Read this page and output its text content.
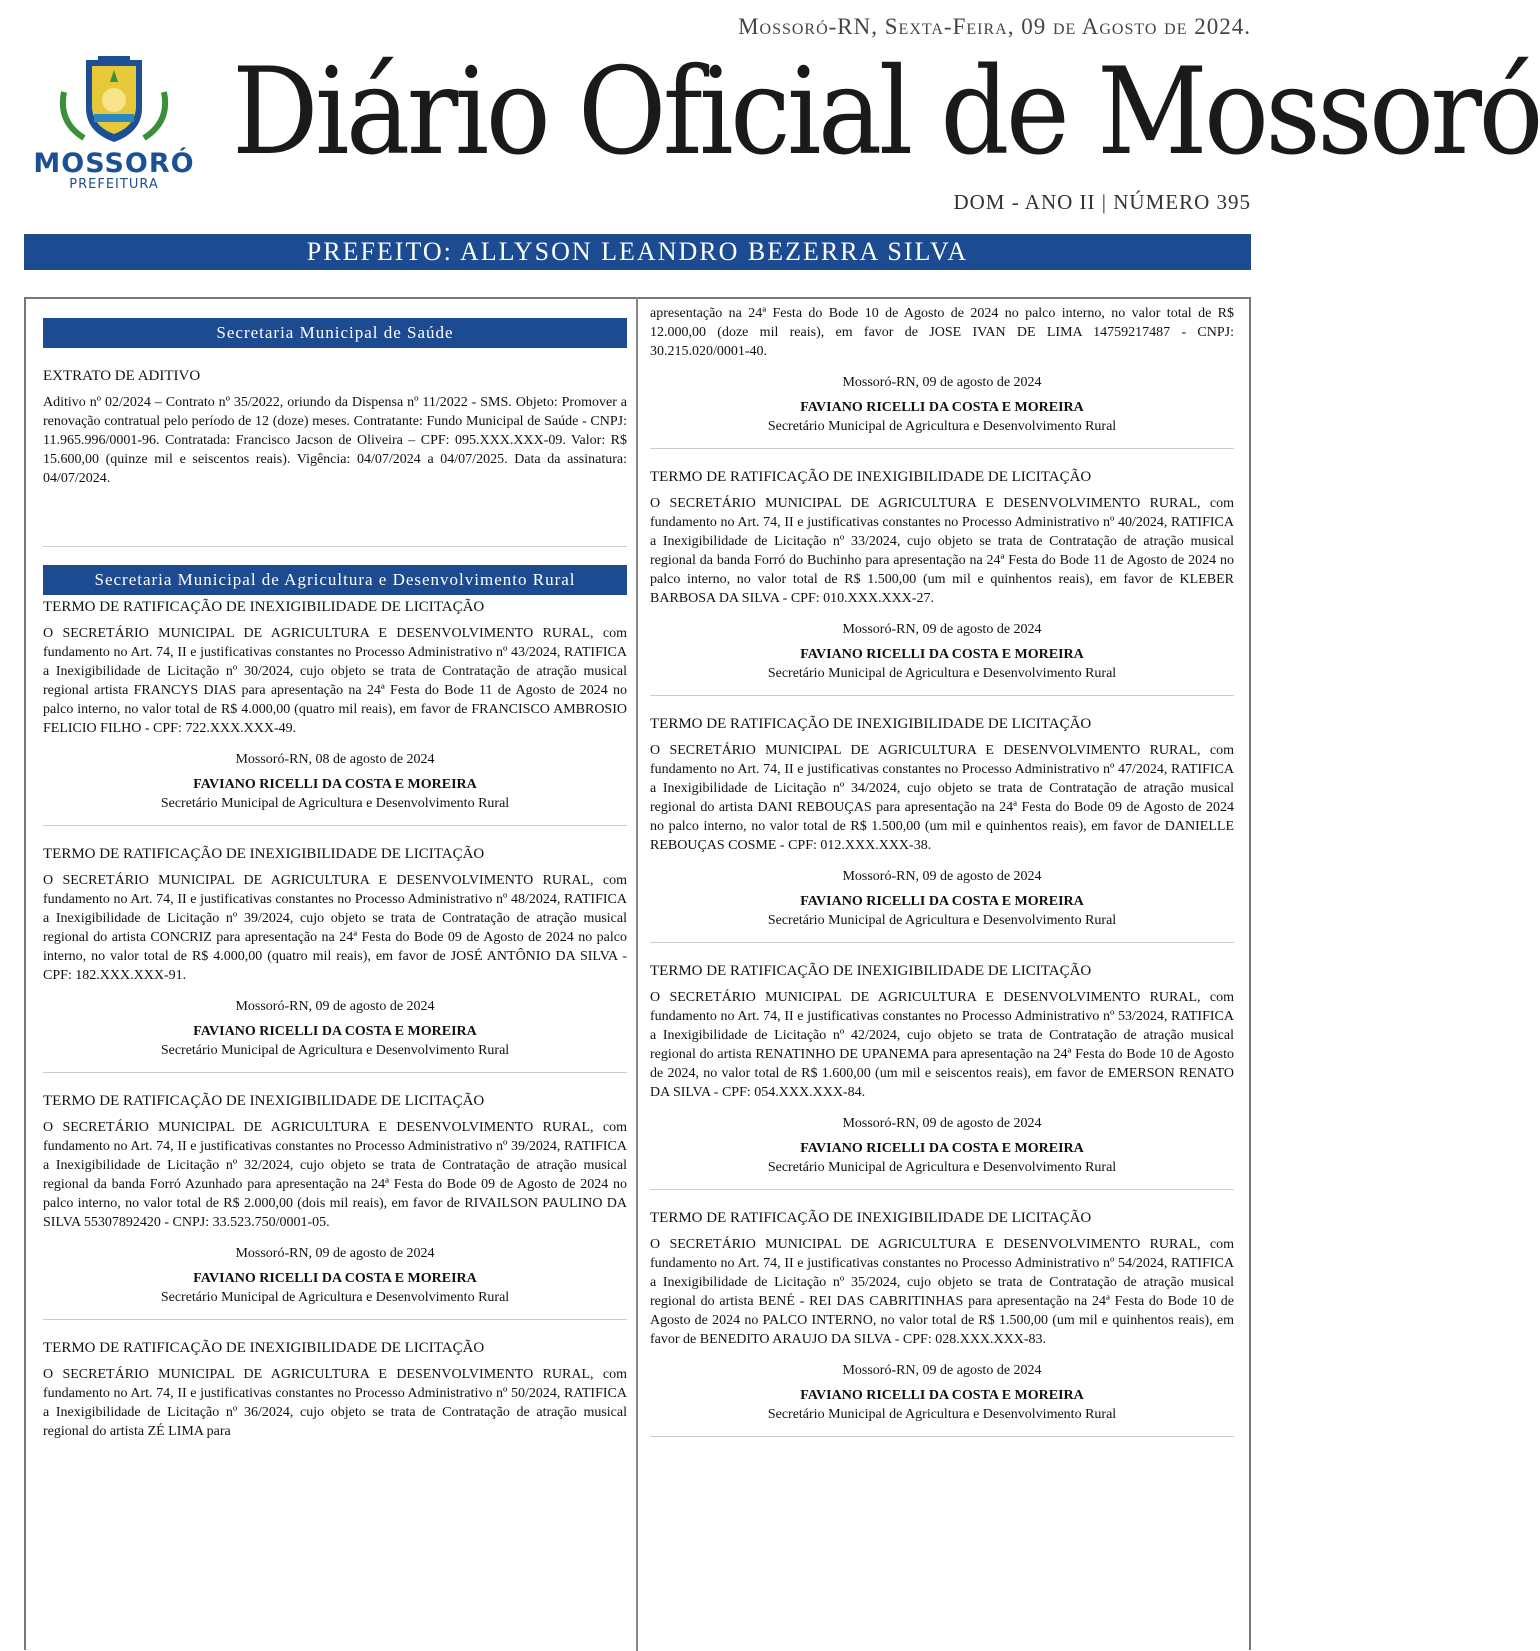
Mossoró-RN, Sexta-Feira, 09 de Agosto de 2024.
MOSSORÓ
PREFEITURA
Diário Oficial de Mossoró
DOM - ANO II | NÚMERO 395
PREFEITO: ALLYSON LEANDRO BEZERRA SILVA
Secretaria Municipal de Saúde

EXTRATO DE ADITIVO

Aditivo nº 02/2024 – Contrato nº 35/2022, oriundo da Dispensa nº 11/2022 - SMS. Objeto: Promover a renovação contratual pelo período de 12 (doze) meses. Contratante: Fundo Municipal de Saúde - CNPJ: 11.965.996/0001-96. Contratada: Francisco Jacson de Oliveira – CPF: 095.XXX.XXX-09. Valor: R$ 15.600,00 (quinze mil e seiscentos reais). Vigência: 04/07/2024 a 04/07/2025. Data da assinatura: 04/07/2024.

Secretaria Municipal de Agricultura e Desenvolvimento Rural

TERMO DE RATIFICAÇÃO DE INEXIGIBILIDADE DE LICITAÇÃO

O SECRETÁRIO MUNICIPAL DE AGRICULTURA E DESENVOLVIMENTO RURAL, com fundamento no Art. 74, II e justificativas constantes no Processo Administrativo nº 43/2024, RATIFICA a Inexigibilidade de Licitação nº 30/2024, cujo objeto se trata de Contratação de atração musical regional artista FRANCYS DIAS para apresentação na 24ª Festa do Bode 11 de Agosto de 2024 no palco interno, no valor total de R$ 4.000,00 (quatro mil reais), em favor de FRANCISCO AMBROSIO FELICIO FILHO - CPF: 722.XXX.XXX-49.

Mossoró-RN, 08 de agosto de 2024

FAVIANO RICELLI DA COSTA E MOREIRA

Secretário Municipal de Agricultura e Desenvolvimento Rural

TERMO DE RATIFICAÇÃO DE INEXIGIBILIDADE DE LICITAÇÃO

O SECRETÁRIO MUNICIPAL DE AGRICULTURA E DESENVOLVIMENTO RURAL, com fundamento no Art. 74, II e justificativas constantes no Processo Administrativo nº 48/2024, RATIFICA a Inexigibilidade de Licitação nº 39/2024, cujo objeto se trata de Contratação de atração musical regional do artista CONCRIZ para apresentação na 24ª Festa do Bode 09 de Agosto de 2024 no palco interno, no valor total de R$ 4.000,00 (quatro mil reais), em favor de JOSÉ ANTÔNIO DA SILVA - CPF: 182.XXX.XXX-91.

Mossoró-RN, 09 de agosto de 2024

FAVIANO RICELLI DA COSTA E MOREIRA

Secretário Municipal de Agricultura e Desenvolvimento Rural

TERMO DE RATIFICAÇÃO DE INEXIGIBILIDADE DE LICITAÇÃO

O SECRETÁRIO MUNICIPAL DE AGRICULTURA E DESENVOLVIMENTO RURAL, com fundamento no Art. 74, II e justificativas constantes no Processo Administrativo nº 39/2024, RATIFICA a Inexigibilidade de Licitação nº 32/2024, cujo objeto se trata de Contratação de atração musical regional da banda Forró Azunhado para apresentação na 24ª Festa do Bode 09 de Agosto de 2024 no palco interno, no valor total de R$ 2.000,00 (dois mil reais), em favor de RIVAILSON PAULINO DA SILVA 55307892420 - CNPJ: 33.523.750/0001-05.

Mossoró-RN, 09 de agosto de 2024

FAVIANO RICELLI DA COSTA E MOREIRA

Secretário Municipal de Agricultura e Desenvolvimento Rural

TERMO DE RATIFICAÇÃO DE INEXIGIBILIDADE DE LICITAÇÃO

O SECRETÁRIO MUNICIPAL DE AGRICULTURA E DESENVOLVIMENTO RURAL, com fundamento no Art. 74, II e justificativas constantes no Processo Administrativo nº 50/2024, RATIFICA a Inexigibilidade de Licitação nº 36/2024, cujo objeto se trata de Contratação de atração musical regional do artista ZÉ LIMA para

apresentação na 24ª Festa do Bode 10 de Agosto de 2024 no palco interno, no valor total de R$ 12.000,00 (doze mil reais), em favor de JOSE IVAN DE LIMA 14759217487 - CNPJ: 30.215.020/0001-40.

Mossoró-RN, 09 de agosto de 2024

FAVIANO RICELLI DA COSTA E MOREIRA

Secretário Municipal de Agricultura e Desenvolvimento Rural

TERMO DE RATIFICAÇÃO DE INEXIGIBILIDADE DE LICITAÇÃO

O SECRETÁRIO MUNICIPAL DE AGRICULTURA E DESENVOLVIMENTO RURAL, com fundamento no Art. 74, II e justificativas constantes no Processo Administrativo nº 40/2024, RATIFICA a Inexigibilidade de Licitação nº 33/2024, cujo objeto se trata de Contratação de atração musical regional da banda Forró do Buchinho para apresentação na 24ª Festa do Bode 11 de Agosto de 2024 no palco interno, no valor total de R$ 1.500,00 (um mil e quinhentos reais), em favor de KLEBER BARBOSA DA SILVA - CPF: 010.XXX.XXX-27.

Mossoró-RN, 09 de agosto de 2024

FAVIANO RICELLI DA COSTA E MOREIRA

Secretário Municipal de Agricultura e Desenvolvimento Rural

TERMO DE RATIFICAÇÃO DE INEXIGIBILIDADE DE LICITAÇÃO

O SECRETÁRIO MUNICIPAL DE AGRICULTURA E DESENVOLVIMENTO RURAL, com fundamento no Art. 74, II e justificativas constantes no Processo Administrativo nº 47/2024, RATIFICA a Inexigibilidade de Licitação nº 34/2024, cujo objeto se trata de Contratação de atração musical regional do artista DANI REBOUÇAS para apresentação na 24ª Festa do Bode 09 de Agosto de 2024 no palco interno, no valor total de R$ 1.500,00 (um mil e quinhentos reais), em favor de DANIELLE REBOUÇAS COSME - CPF: 012.XXX.XXX-38.

Mossoró-RN, 09 de agosto de 2024

FAVIANO RICELLI DA COSTA E MOREIRA

Secretário Municipal de Agricultura e Desenvolvimento Rural

TERMO DE RATIFICAÇÃO DE INEXIGIBILIDADE DE LICITAÇÃO

O SECRETÁRIO MUNICIPAL DE AGRICULTURA E DESENVOLVIMENTO RURAL, com fundamento no Art. 74, II e justificativas constantes no Processo Administrativo nº 53/2024, RATIFICA a Inexigibilidade de Licitação nº 42/2024, cujo objeto se trata de Contratação de atração musical regional do artista RENATINHO DE UPANEMA para apresentação na 24ª Festa do Bode 10 de Agosto de 2024, no valor total de R$ 1.600,00 (um mil e seiscentos reais), em favor de EMERSON RENATO DA SILVA - CPF: 054.XXX.XXX-84.

Mossoró-RN, 09 de agosto de 2024

FAVIANO RICELLI DA COSTA E MOREIRA

Secretário Municipal de Agricultura e Desenvolvimento Rural

TERMO DE RATIFICAÇÃO DE INEXIGIBILIDADE DE LICITAÇÃO

O SECRETÁRIO MUNICIPAL DE AGRICULTURA E DESENVOLVIMENTO RURAL, com fundamento no Art. 74, II e justificativas constantes no Processo Administrativo nº 54/2024, RATIFICA a Inexigibilidade de Licitação nº 35/2024, cujo objeto se trata de Contratação de atração musical regional do artista BENÉ - REI DAS CABRITINHAS para apresentação na 24ª Festa do Bode 10 de Agosto de 2024 no PALCO INTERNO, no valor total de R$ 1.500,00 (um mil e quinhentos reais), em favor de BENEDITO ARAUJO DA SILVA - CPF: 028.XXX.XXX-83.

Mossoró-RN, 09 de agosto de 2024

FAVIANO RICELLI DA COSTA E MOREIRA

Secretário Municipal de Agricultura e Desenvolvimento Rural
